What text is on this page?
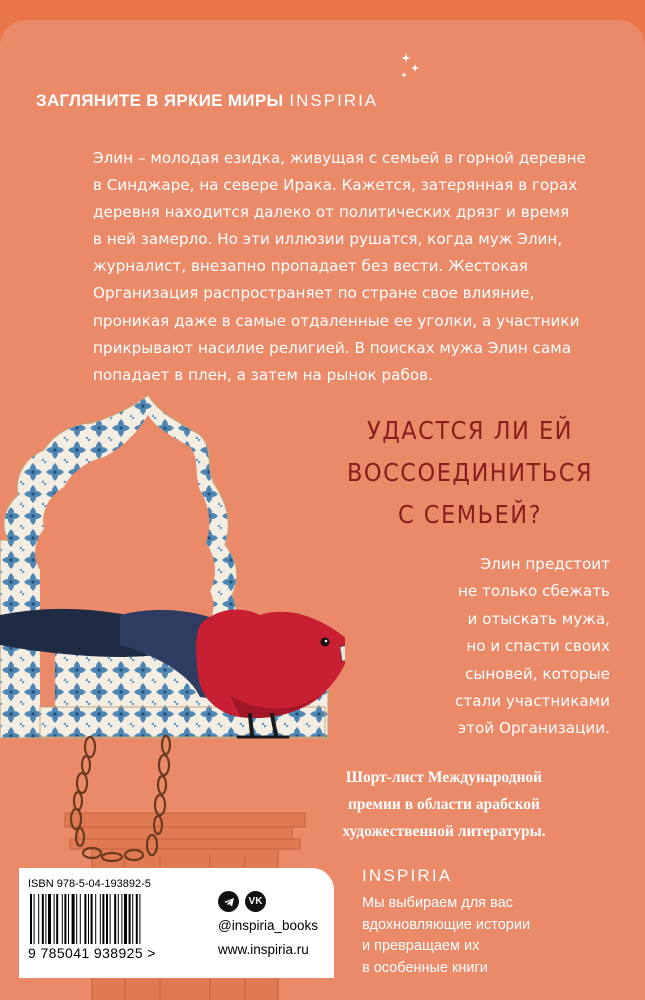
ЗАГЛЯНИТЕ В ЯРКИЕ МИРЫ INSPIRIA

Элин – молодая езидка, живущая с семьей в горной деревне

в Синджаре, на севере Ирака. Кажется, затерянная в горах

деревня находится далеко от политических дрязг и время

в ней замерло. Но эти иллюзии рушатся, когда муж Элин,

журналист, внезапно пропадает без вести. Жестокая

Организация распространяет по стране свое влияние,

проникая даже в самые отдаленные ее уголки, а участники

прикрывают насилие религией. В поисках мужа Элин сама

попадает в плен, а затем на рынок рабов.

УДАСТСЯ ЛИ ЕЙ

ВОССОЕДИНИТЬСЯ

С СЕМЬЕЙ?

Элин предстоит

не только сбежать

и отыскать мужа,

но и спасти своих

сыновей, которые

стали участниками

этой Организации.

Шорт-лист Международной

премии в области арабской

художественной литературы.

ISBN 978-5-04-193892-5
9 785041 938925 >
VK
@inspiria_books
www.inspiria.ru
INSPIRIA

Мы выбираем для вас

вдохновляющие истории

и превращаем их

в особенные книги
